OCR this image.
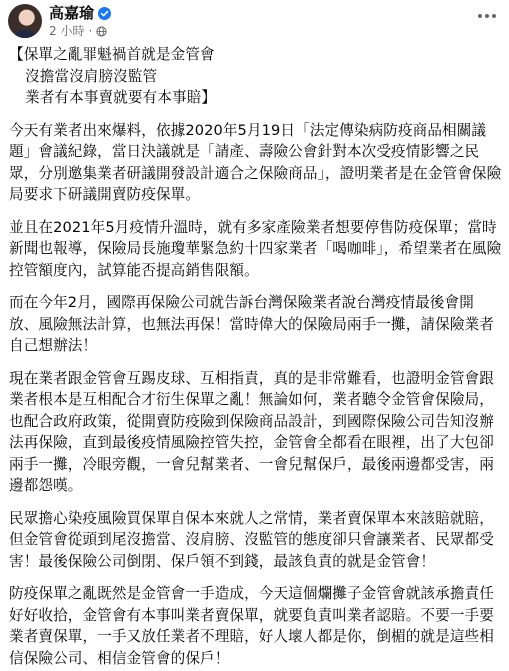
高嘉瑜
2 小時 ·

【保單之亂罪魁禍首就是金管會

沒擔當沒肩膀沒監管

業者有本事賣就要有本事賠】

今天有業者出來爆料，依據2020年5月19日「法定傳染病防疫商品相關議題」會議紀錄，當日決議就是「請產、壽險公會針對本次受疫情影響之民眾，分別邀集業者研議開發設計適合之保險商品」，證明業者是在金管會保險局要求下研議開賣防疫保單。

並且在2021年5月疫情升溫時，就有多家產險業者想要停售防疫保單；當時新聞也報導，保險局長施瓊華緊急約十四家業者「喝咖啡」，希望業者在風險控管額度內，試算能否提高銷售限額。

而在今年2月，國際再保險公司就告訴台灣保險業者說台灣疫情最後會開放、風險無法計算，也無法再保！當時偉大的保險局兩手一攤，請保險業者自己想辦法！

現在業者跟金管會互踢皮球、互相指責，真的是非常難看，也證明金管會跟業者根本是互相配合才衍生保單之亂！無論如何，業者聽令金管會保險局，也配合政府政策，從開賣防疫險到保險商品設計，到國際保險公司告知沒辦法再保險，直到最後疫情風險控管失控，金管會全都看在眼裡，出了大包卻兩手一攤，冷眼旁觀，一會兒幫業者、一會兒幫保戶，最後兩邊都受害，兩邊都怨嘆。

民眾擔心染疫風險買保單自保本來就人之常情，業者賣保單本來該賠就賠，但金管會從頭到尾沒擔當、沒肩膀、沒監管的態度卻只會讓業者、民眾都受害！最後保險公司倒閉、保戶領不到錢，最該負責的就是金管會！

防疫保單之亂既然是金管會一手造成，今天這個爛攤子金管會就該承擔責任好好收拾，金管會有本事叫業者賣保單，就要負責叫業者認賠。不要一手要業者賣保單，一手又放任業者不理賠，好人壞人都是你，倒楣的就是這些相信保險公司、相信金管會的保戶！
